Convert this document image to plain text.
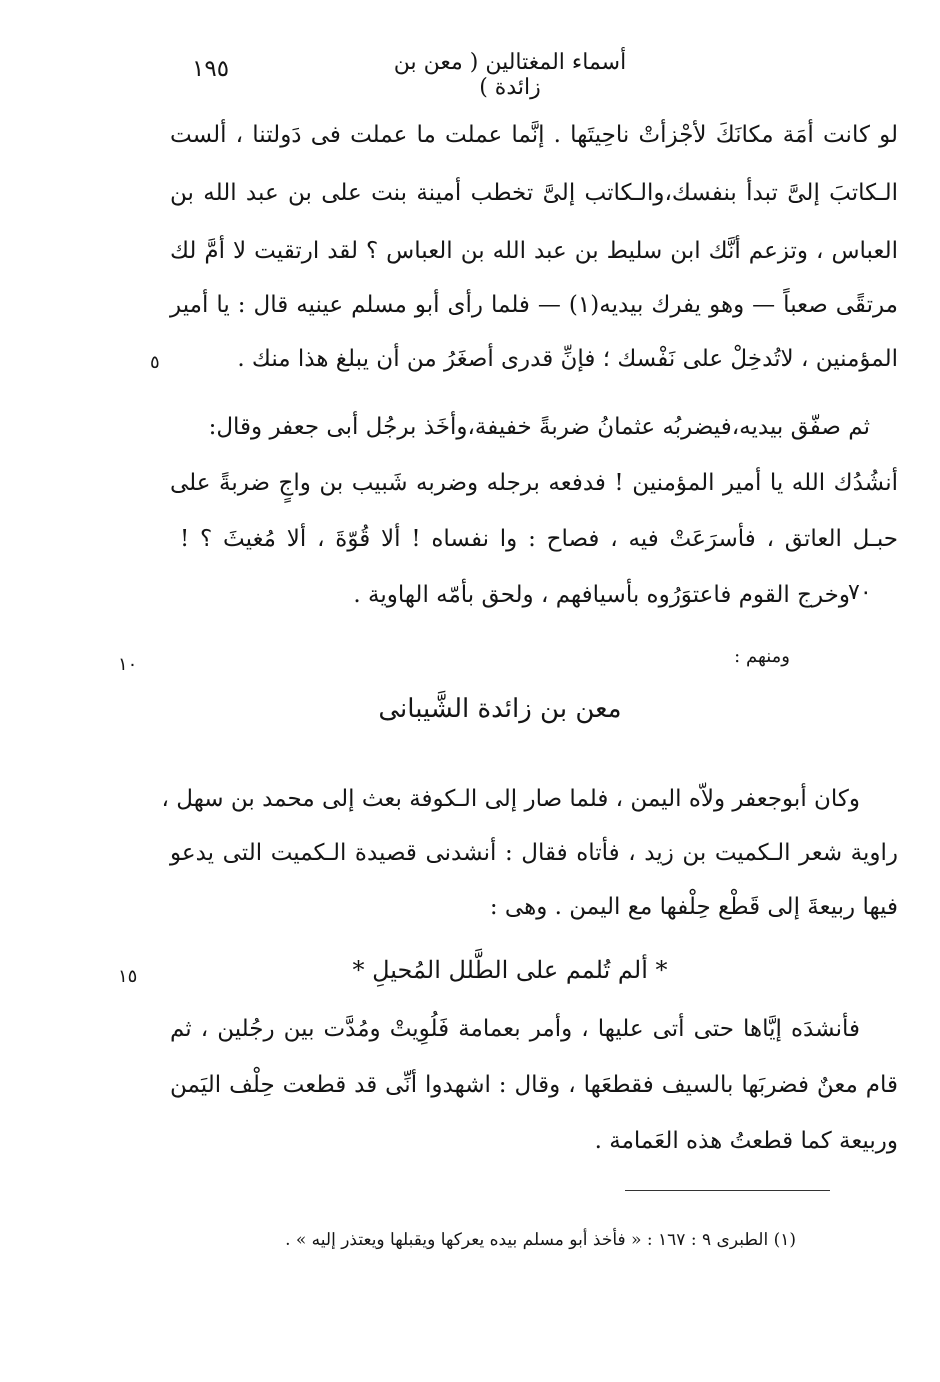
١٩٥	أسماء المغتالين ( معن بن زائدة )
لو كانت أمَة مكانَكَ لأجْزأتْ ناحِيتَها . إنَّما عملت ما عملت فى دَولتنا ، ألست
الـكاتبَ إلىَّ تبدأ بنفسك،والـكاتب إلىَّ تخطب أمينة بنت على بن عبد الله بن
العباس ، وتزعم أنَّك ابن سليط بن عبد الله بن العباس ؟ لقد ارتقيت لا أمَّ لك
مرتقًى صعباً — وهو يفرك بيديه(١) — فلما رأى أبو مسلم عينيه قال : يا أمير
المؤمنين ، لاتُدخِلْ على نَفْسك ؛ فإنِّ قدرى أصغَرُ من أن يبلغ هذا منك .
٥
ثم صفّق بيديه،فيضربُه عثمانُ ضربةً خفيفة،وأخَذ برجُل أبى جعفر وقال:
أنشُدُك الله يا أمير المؤمنين ! فدفعه برجله وضربه شَبيب بن واجٍ ضربةً على
حبـل العاتق ، فأسرَعَتْ فيه ، فصاح : وا نفساه ! ألا قُوّةَ ، ألا مُغيثَ ؟ !
وخرج القوم فاعتوَرُوه بأسيافهم ، ولحق بأمّه الهاوية .
٧٠
ومنهم :
١٠
معن بن زائدة الشَّيبانى
وكان أبوجعفر ولاّه اليمن ، فلما صار إلى الـكوفة بعث إلى محمد بن سهل ،
راوية شعر الـكميت بن زيد ، فأتاه فقال : أنشدنى قصيدة الـكميت التى يدعو
فيها ربيعةَ إلى قَطْع حِلْفها مع اليمن . وهى :
* ألم تُلمم على الطَّلل المُحيلِ *
١٥
فأنشدَه إيَّاها حتى أتى عليها ، وأمر بعمامة فَلُوِيتْ ومُدَّت بين رجُلين ، ثم
قام معنٌ فضربَها بالسيف فقطعَها ، وقال : اشهدوا أنِّى قد قطعت حِلْف اليَمن
وربيعة كما قطعتُ هذه العَمامة .
(١) الطبرى ٩ : ١٦٧ : « فأخذ أبو مسلم بيده يعركها ويقبلها ويعتذر إليه » .
